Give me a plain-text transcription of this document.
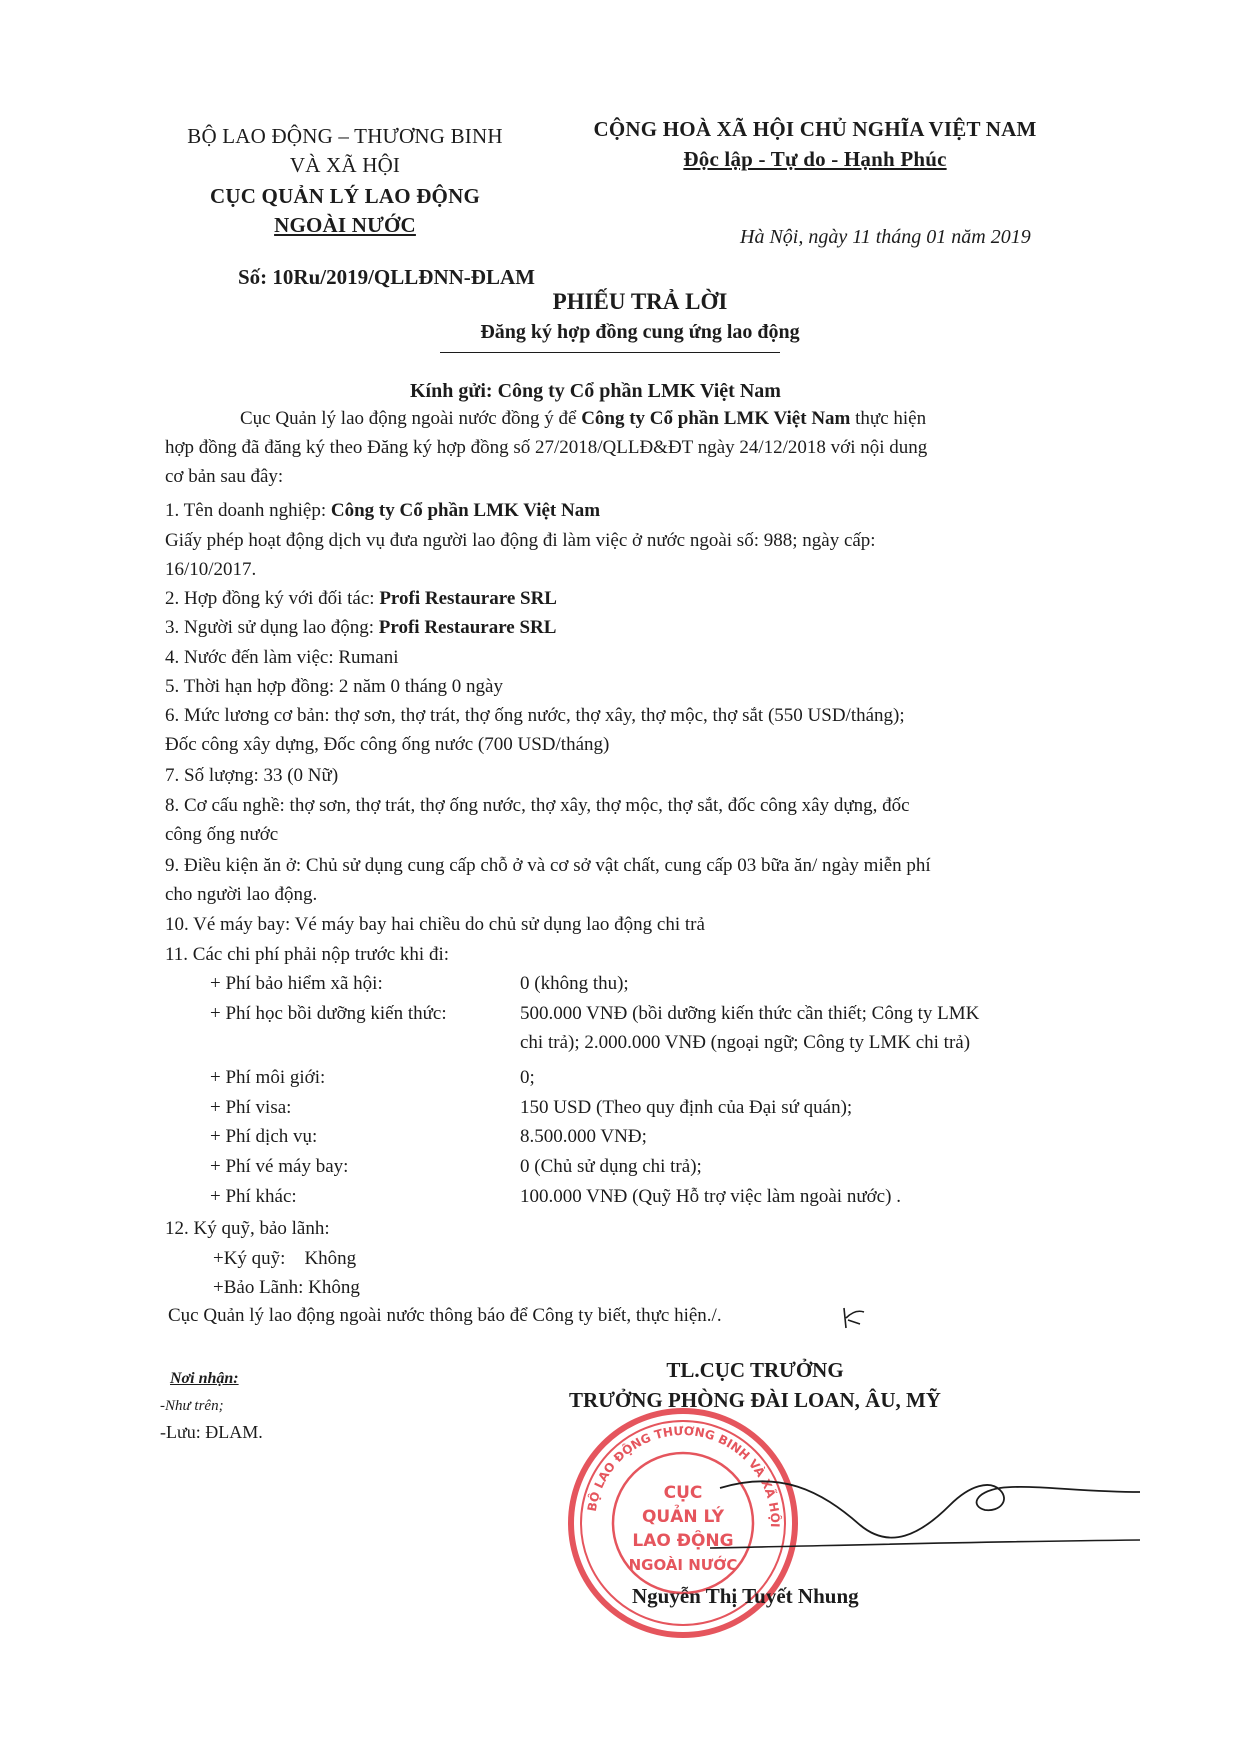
BỘ LAO ĐỘNG – THƯƠNG BINH
VÀ XÃ HỘI
CỤC QUẢN LÝ LAO ĐỘNG
NGOÀI NƯỚC
CỘNG HOÀ XÃ HỘI CHỦ NGHĨA VIỆT NAM
Độc lập - Tự do - Hạnh Phúc
Hà Nội, ngày 11 tháng 01 năm 2019
Số: 10Ru/2019/QLLĐNN-ĐLAM
PHIẾU TRẢ LỜI
Đăng ký hợp đồng cung ứng lao động
Kính gửi: Công ty Cổ phần LMK Việt Nam
Cục Quản lý lao động ngoài nước đồng ý để Công ty Cổ phần LMK Việt Nam thực hiện
hợp đồng đã đăng ký theo Đăng ký hợp đồng số 27/2018/QLLĐ&ĐT ngày 24/12/2018 với nội dung
cơ bản sau đây:
1. Tên doanh nghiệp: Công ty Cổ phần LMK Việt Nam
Giấy phép hoạt động dịch vụ đưa người lao động đi làm việc ở nước ngoài số: 988; ngày cấp:
16/10/2017.
2. Hợp đồng ký với đối tác: Profi Restaurare SRL
3. Người sử dụng lao động: Profi Restaurare SRL
4. Nước đến làm việc: Rumani
5. Thời hạn hợp đồng: 2 năm 0 tháng 0 ngày
6. Mức lương cơ bản: thợ sơn, thợ trát, thợ ống nước, thợ xây, thợ mộc, thợ sắt (550 USD/tháng);
Đốc công xây dựng, Đốc công ống nước (700 USD/tháng)
7. Số lượng: 33 (0 Nữ)
8. Cơ cấu nghề: thợ sơn, thợ trát, thợ ống nước, thợ xây, thợ mộc, thợ sắt, đốc công xây dựng, đốc
công ống nước
9. Điều kiện ăn ở: Chủ sử dụng cung cấp chỗ ở và cơ sở vật chất, cung cấp 03 bữa ăn/ ngày miễn phí
cho người lao động.
10. Vé máy bay: Vé máy bay hai chiều do chủ sử dụng lao động chi trả
11. Các chi phí phải nộp trước khi đi:
+ Phí bảo hiểm xã hội:	0 (không thu);
+ Phí học bồi dưỡng kiến thức:	500.000 VNĐ (bồi dưỡng kiến thức cần thiết; Công ty LMK
chi trả); 2.000.000 VNĐ (ngoại ngữ; Công ty LMK chi trả)
+ Phí môi giới:	0;
+ Phí visa:	150 USD (Theo quy định của Đại sứ quán);
+ Phí dịch vụ:	8.500.000 VNĐ;
+ Phí vé máy bay:	0 (Chủ sử dụng chi trả);
+ Phí khác:	100.000 VNĐ (Quỹ Hỗ trợ việc làm ngoài nước) .
12. Ký quỹ, bảo lãnh:
+Ký quỹ:    Không
+Bảo Lãnh: Không
Cục Quản lý lao động ngoài nước thông báo để Công ty biết, thực hiện./.
Nơi nhận:
-Như trên;
-Lưu: ĐLAM.
TL.CỤC TRƯỞNG
TRƯỞNG PHÒNG ĐÀI LOAN, ÂU, MỸ
BỘ LAO ĐỘNG THƯƠNG BINH VÀ XÃ HỘI
CỤC
QUẢN LÝ
LAO ĐỘNG
NGOÀI NƯỚC
Nguyễn Thị Tuyết Nhung
